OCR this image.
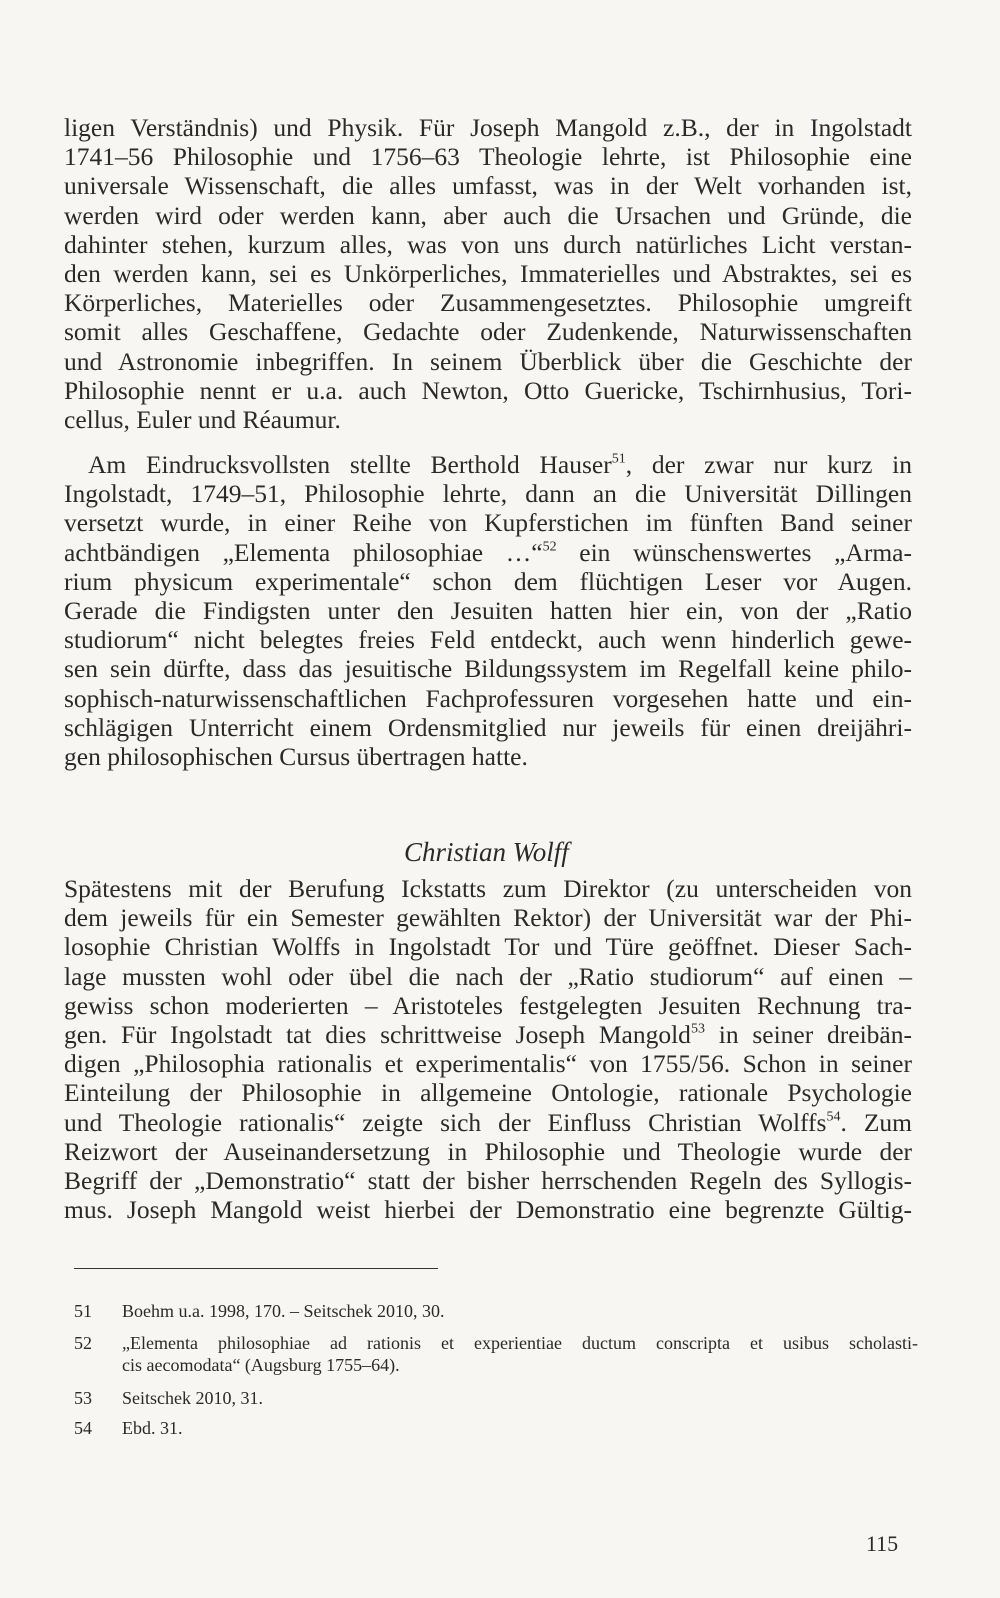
ligen Verständnis) und Physik. Für Joseph Mangold z.B., der in Ingolstadt
1741–56 Philosophie und 1756–63 Theologie lehrte, ist Philosophie eine
universale Wissenschaft, die alles umfasst, was in der Welt vorhanden ist,
werden wird oder werden kann, aber auch die Ursachen und Gründe, die
dahinter stehen, kurzum alles, was von uns durch natürliches Licht verstan-
den werden kann, sei es Unkörperliches, Immaterielles und Abstraktes, sei es
Körperliches, Materielles oder Zusammengesetztes. Philosophie umgreift
somit alles Geschaffene, Gedachte oder Zudenkende, Naturwissenschaften
und Astronomie inbegriffen. In seinem Überblick über die Geschichte der
Philosophie nennt er u.a. auch Newton, Otto Guericke, Tschirnhusius, Tori-
cellus, Euler und Réaumur.
Am Eindrucksvollsten stellte Berthold Hauser$^{51}$, der zwar nur kurz in
Ingolstadt, 1749–51, Philosophie lehrte, dann an die Universität Dillingen
versetzt wurde, in einer Reihe von Kupferstichen im fünften Band seiner
achtbändigen „Elementa philosophiae …“$^{52}$ ein wünschenswertes „Arma-
rium physicum experimentale“ schon dem flüchtigen Leser vor Augen.
Gerade die Findigsten unter den Jesuiten hatten hier ein, von der „Ratio
studiorum“ nicht belegtes freies Feld entdeckt, auch wenn hinderlich gewe-
sen sein dürfte, dass das jesuitische Bildungssystem im Regelfall keine philo-
sophisch-naturwissenschaftlichen Fachprofessuren vorgesehen hatte und ein-
schlägigen Unterricht einem Ordensmitglied nur jeweils für einen dreijähri-
gen philosophischen Cursus übertragen hatte.
Christian Wolff
Spätestens mit der Berufung Ickstatts zum Direktor (zu unterscheiden von
dem jeweils für ein Semester gewählten Rektor) der Universität war der Phi-
losophie Christian Wolffs in Ingolstadt Tor und Türe geöffnet. Dieser Sach-
lage mussten wohl oder übel die nach der „Ratio studiorum“ auf einen –
gewiss schon moderierten – Aristoteles festgelegten Jesuiten Rechnung tra-
gen. Für Ingolstadt tat dies schrittweise Joseph Mangold$^{53}$ in seiner dreibän-
digen „Philosophia rationalis et experimentalis“ von 1755/56. Schon in seiner
Einteilung der Philosophie in allgemeine Ontologie, rationale Psychologie
und Theologie rationalis“ zeigte sich der Einfluss Christian Wolffs$^{54}$. Zum
Reizwort der Auseinandersetzung in Philosophie und Theologie wurde der
Begriff der „Demonstratio“ statt der bisher herrschenden Regeln des Syllogis-
mus. Joseph Mangold weist hierbei der Demonstratio eine begrenzte Gültig-
51 Boehm u.a. 1998, 170. – Seitschek 2010, 30.
52 „Elementa philosophiae ad rationis et experientiae ductum conscripta et usibus scholasti-
cis aecomodata“ (Augsburg 1755–64).
53 Seitschek 2010, 31.
54 Ebd. 31.
115
